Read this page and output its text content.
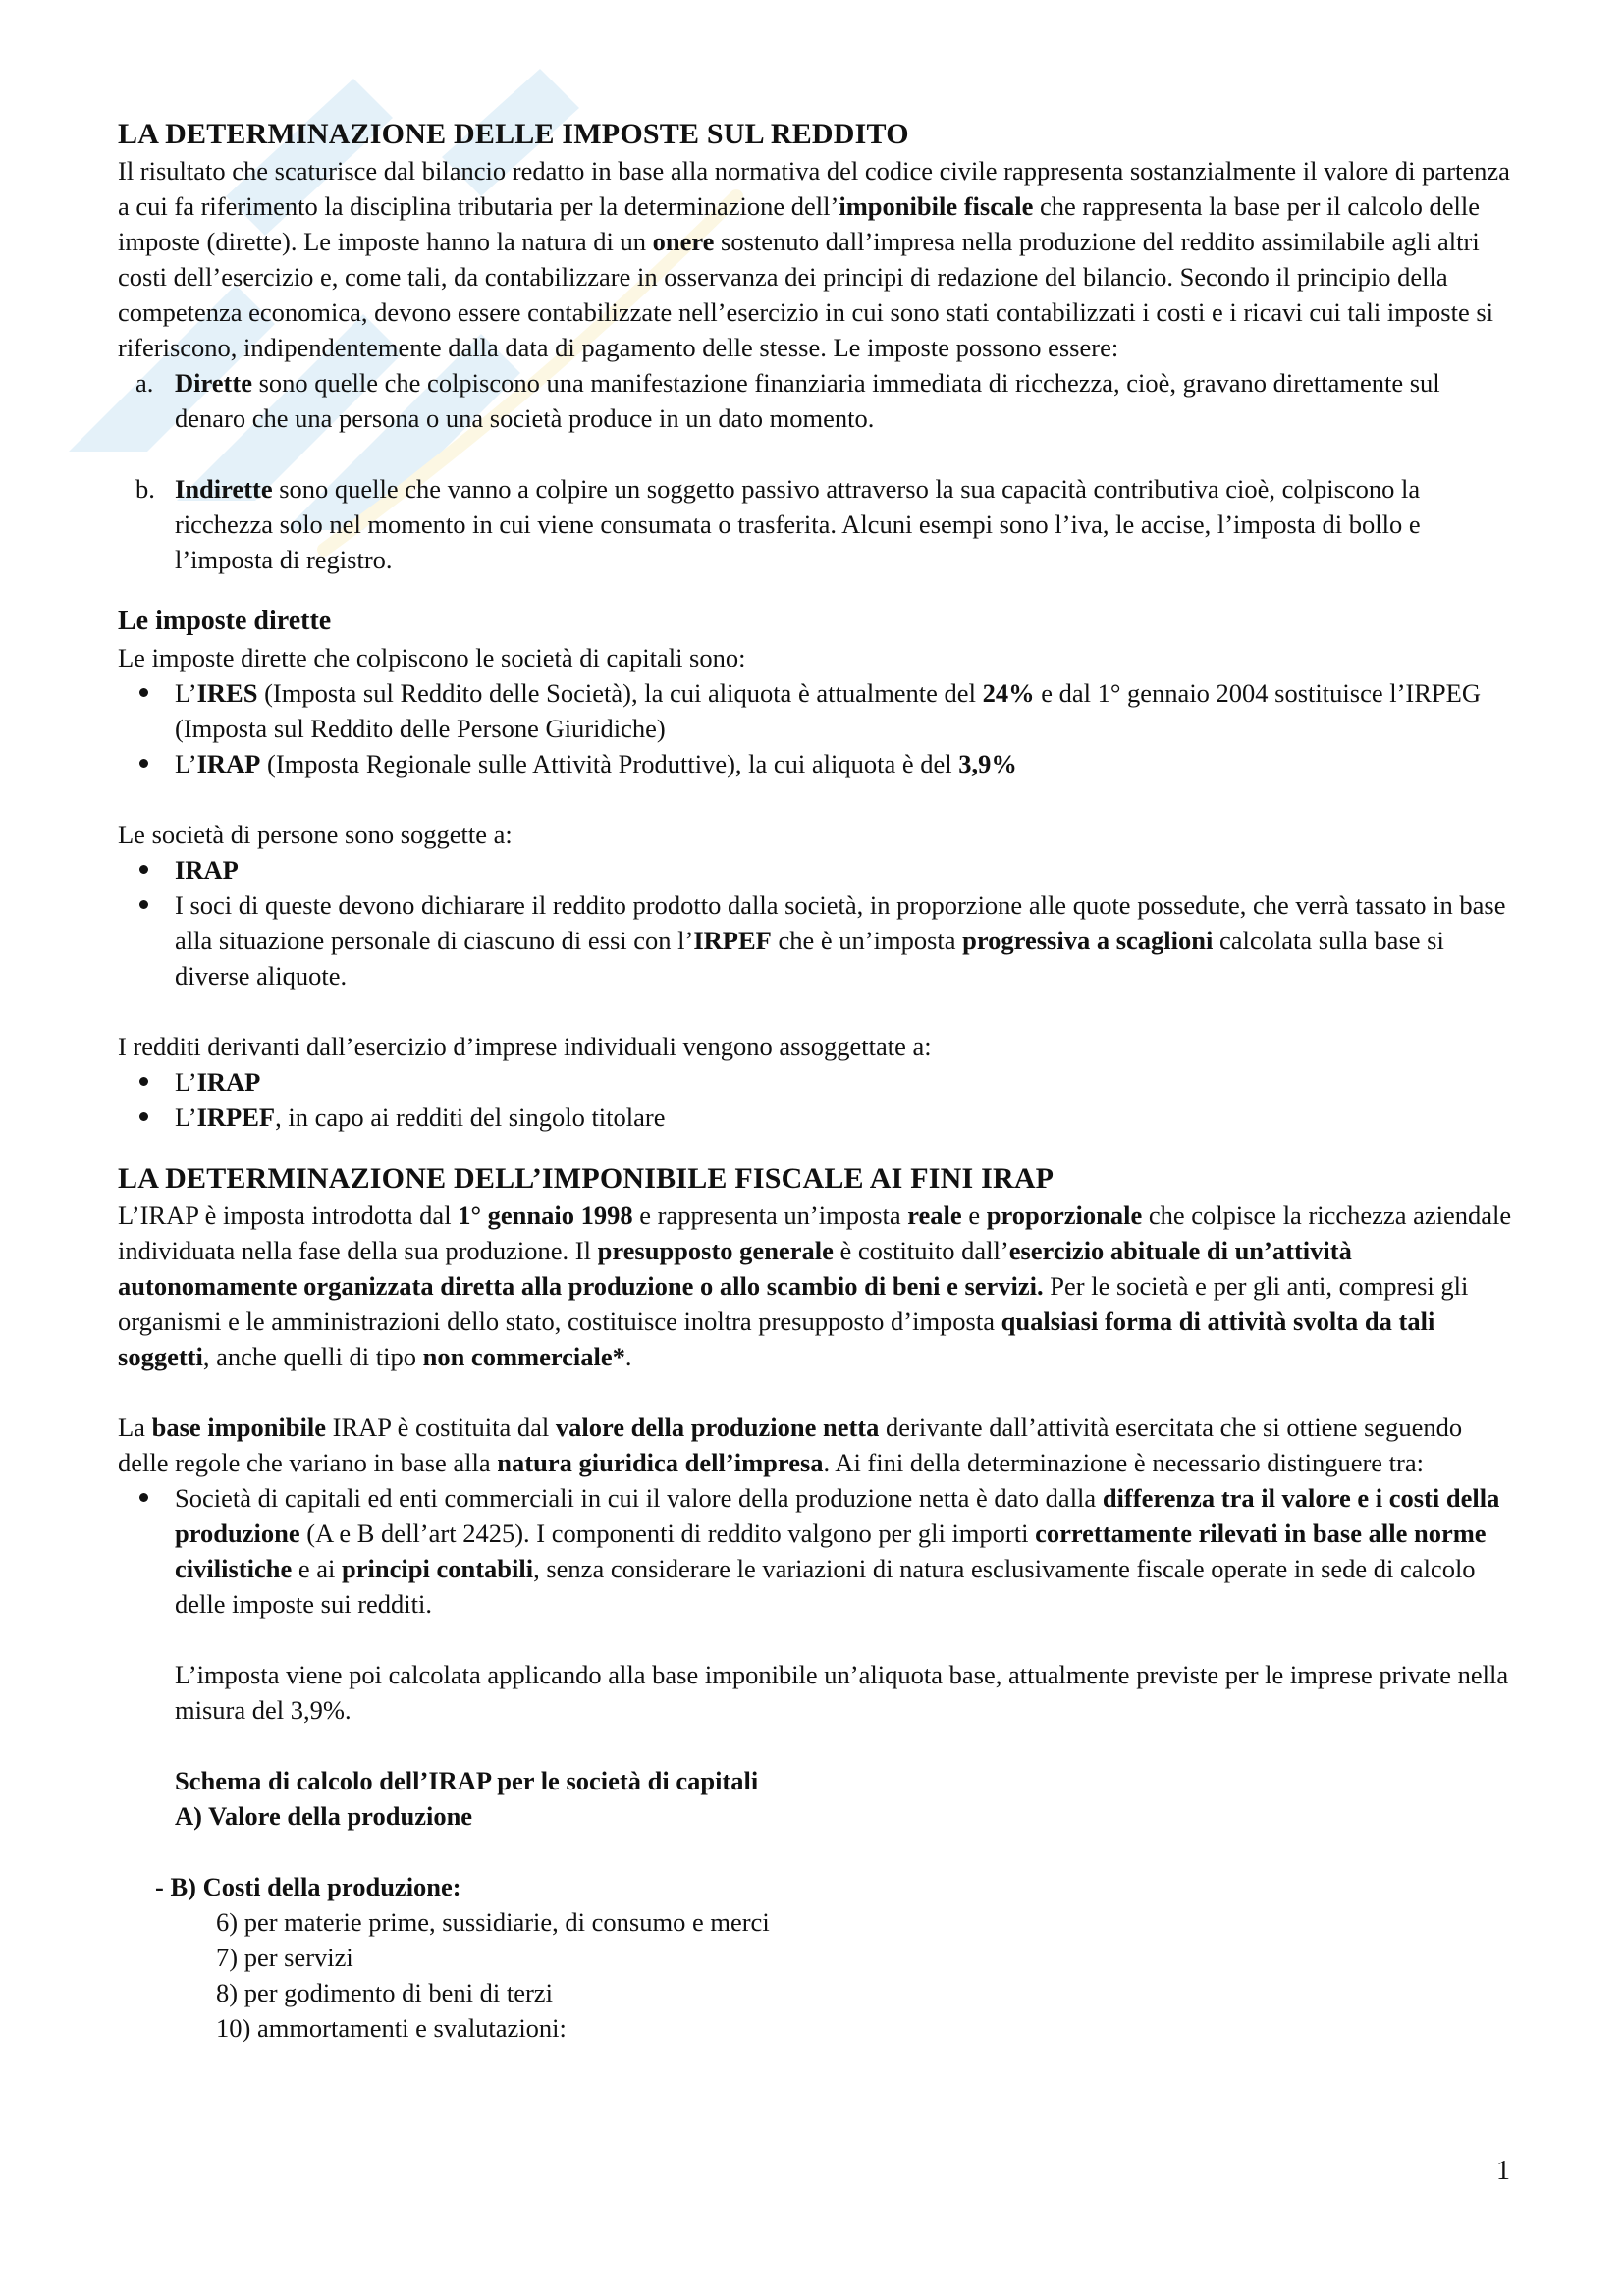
LA DETERMINAZIONE DELLE IMPOSTE SUL REDDITO

Il risultato che scaturisce dal bilancio redatto in base alla normativa del codice civile rappresenta sostanzialmente il valore di partenza a cui fa riferimento la disciplina tributaria per la determinazione dell’imponibile fiscale che rappresenta la base per il calcolo delle imposte (dirette). Le imposte hanno la natura di un onere sostenuto dall’impresa nella produzione del reddito assimilabile agli altri costi dell’esercizio e, come tali, da contabilizzare in osservanza dei principi di redazione del bilancio. Secondo il principio della competenza economica, devono essere contabilizzate nell’esercizio in cui sono stati contabilizzati i costi e i ricavi cui tali imposte si riferiscono, indipendentemente dalla data di pagamento delle stesse. Le imposte possono essere:

a. Dirette sono quelle che colpiscono una manifestazione finanziaria immediata di ricchezza, cioè, gravano direttamente sul denaro che una persona o una società produce in un dato momento.
b. Indirette sono quelle che vanno a colpire un soggetto passivo attraverso la sua capacità contributiva cioè, colpiscono la ricchezza solo nel momento in cui viene consumata o trasferita. Alcuni esempi sono l’iva, le accise, l’imposta di bollo e l’imposta di registro.
Le imposte dirette

Le imposte dirette che colpiscono le società di capitali sono:

L’IRES (Imposta sul Reddito delle Società), la cui aliquota è attualmente del 24% e dal 1° gennaio 2004 sostituisce l’IRPEG (Imposta sul Reddito delle Persone Giuridiche)
L’IRAP (Imposta Regionale sulle Attività Produttive), la cui aliquota è del 3,9%

Le società di persone sono soggette a:

IRAP
I soci di queste devono dichiarare il reddito prodotto dalla società, in proporzione alle quote possedute, che verrà tassato in base alla situazione personale di ciascuno di essi con l’IRPEF che è un’imposta progressiva a scaglioni calcolata sulla base si diverse aliquote.

I redditi derivanti dall’esercizio d’imprese individuali vengono assoggettate a:

L’IRAP
L’IRPEF, in capo ai redditi del singolo titolare
LA DETERMINAZIONE DELL’IMPONIBILE FISCALE AI FINI IRAP

L’IRAP è imposta introdotta dal 1° gennaio 1998 e rappresenta un’imposta reale e proporzionale che colpisce la ricchezza aziendale individuata nella fase della sua produzione. Il presupposto generale è costituito dall’esercizio abituale di un’attività autonomamente organizzata diretta alla produzione o allo scambio di beni e servizi. Per le società e per gli anti, compresi gli organismi e le amministrazioni dello stato, costituisce inoltra presupposto d’imposta qualsiasi forma di attività svolta da tali soggetti, anche quelli di tipo non commerciale*.

La base imponibile IRAP è costituita dal valore della produzione netta derivante dall’attività esercitata che si ottiene seguendo delle regole che variano in base alla natura giuridica dell’impresa. Ai fini della determinazione è necessario distinguere tra:

Società di capitali ed enti commerciali in cui il valore della produzione netta è dato dalla differenza tra il valore e i costi della produzione (A e B dell’art 2425). I componenti di reddito valgono per gli importi correttamente rilevati in base alle norme civilistiche e ai principi contabili, senza considerare le variazioni di natura esclusivamente fiscale operate in sede di calcolo delle imposte sui redditi.

L’imposta viene poi calcolata applicando alla base imponibile un’aliquota base, attualmente previste per le imprese private nella misura del 3,9%.

Schema di calcolo dell’IRAP per le società di capitali

A) Valore della produzione

- B) Costi della produzione:

6) per materie prime, sussidiarie, di consumo e merci

7) per servizi

8) per godimento di beni di terzi

10) ammortamenti e svalutazioni:

1
